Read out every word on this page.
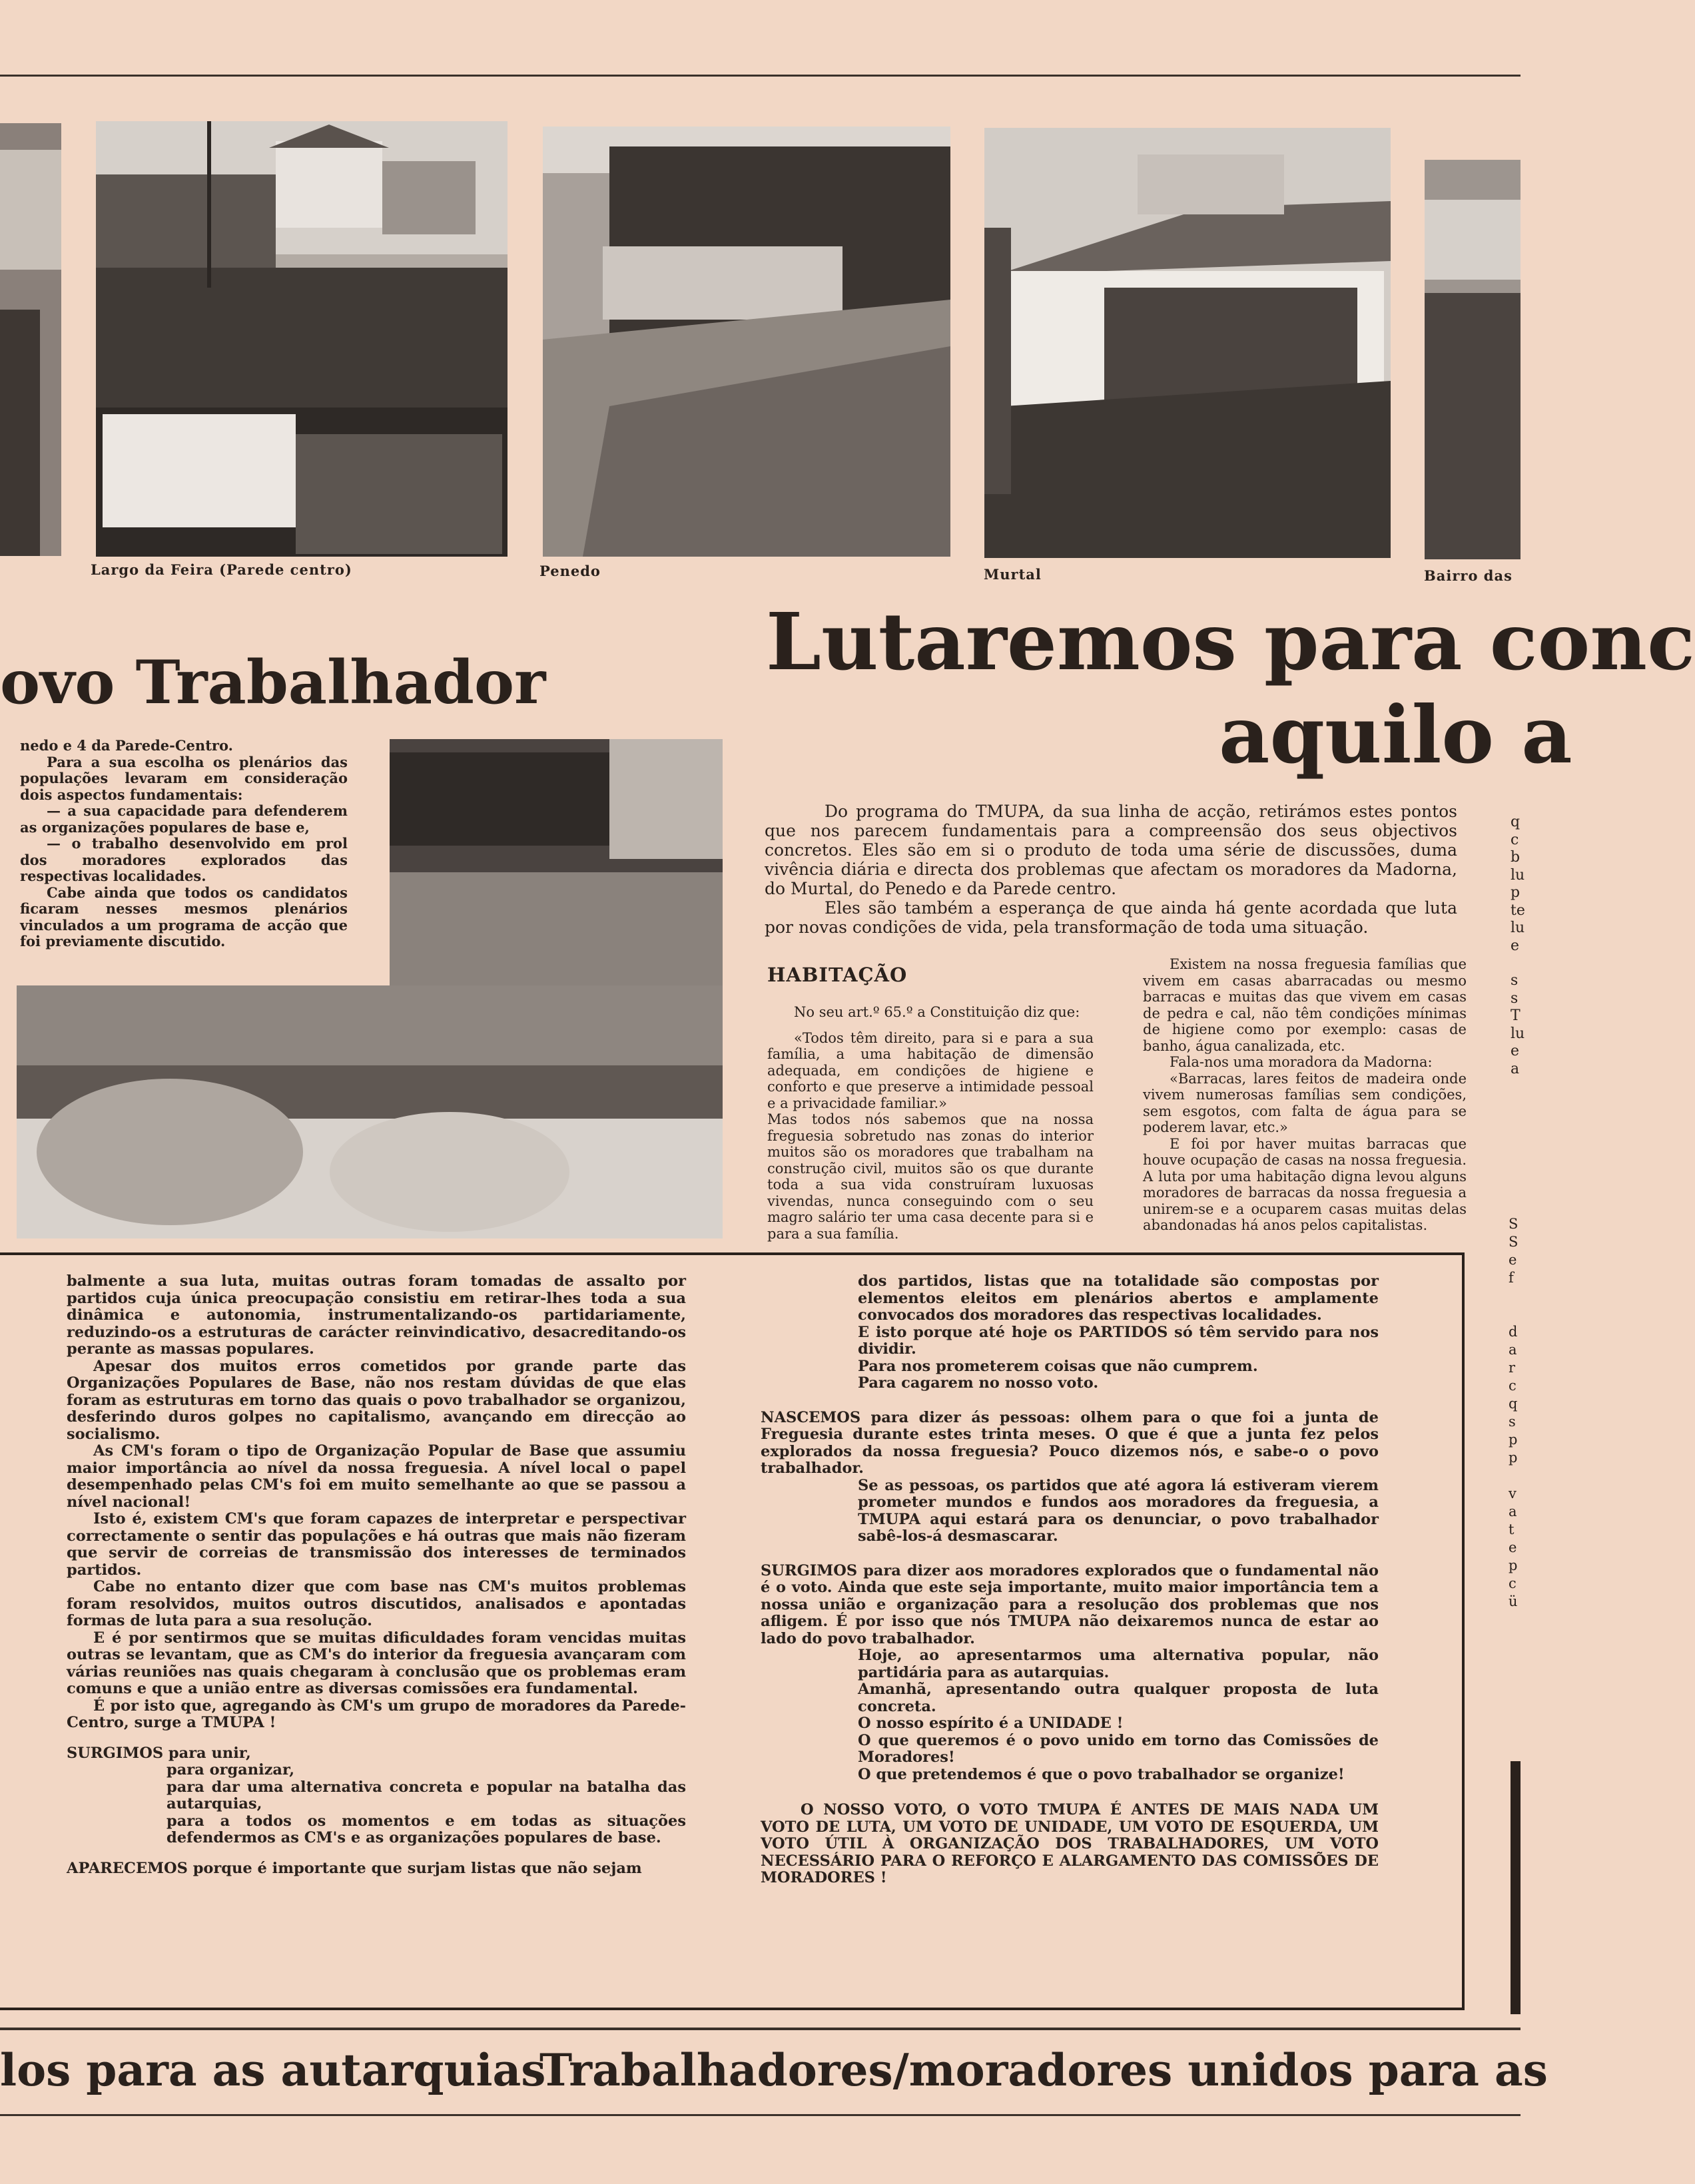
Largo da Feira (Parede centro)	Penedo	Murtal	Bairro das
ovo Trabalhador

nedo e 4 da Parede-Centro.

Para a sua escolha os plenários das populações levaram em consideração dois aspectos fundamentais:

— a sua capacidade para defenderem as organizações populares de base e,

— o trabalho desenvolvido em prol dos moradores explorados das respectivas localidades.

Cabe ainda que todos os candidatos ficaram nesses mesmos plenários vinculados a um programa de acção que foi previamente discutido.

Lutaremos para conc
aquilo a

Do programa do TMUPA, da sua linha de acção, retirámos estes pontos que nos parecem fundamentais para a compreensão dos seus objectivos concretos. Eles são em si o produto de toda uma série de discussões, duma vivência diária e directa dos problemas que afectam os moradores da Madorna, do Murtal, do Penedo e da Parede centro.

Eles são também a esperança de que ainda há gente acordada que luta por novas condições de vida, pela transformação de toda uma situação.

HABITAÇÃO

No seu art.º 65.º a Constituição diz que:

«Todos têm direito, para si e para a sua família, a uma habitação de dimensão adequada, em condições de higiene e conforto e que preserve a intimidade pessoal e a privacidade familiar.»

Mas todos nós sabemos que na nossa freguesia sobretudo nas zonas do interior muitos são os moradores que trabalham na construção civil, muitos são os que durante toda a sua vida construíram luxuosas vivendas, nunca conseguindo com o seu magro salário ter uma casa decente para si e para a sua família.

Existem na nossa freguesia famílias que vivem em casas abarracadas ou mesmo barracas e muitas das que vivem em casas de pedra e cal, não têm condições mínimas de higiene como por exemplo: casas de banho, água canalizada, etc.

Fala-nos uma moradora da Madorna:

«Barracas, lares feitos de madeira onde vivem numerosas famílias sem condições, sem esgotos, com falta de água para se poderem lavar, etc.»

E foi por haver muitas barracas que houve ocupação de casas na nossa freguesia. A luta por uma habitação digna levou alguns moradores de barracas da nossa freguesia a unirem-se e a ocuparem casas muitas delas abandonadas há anos pelos capitalistas.

q
c
b
lu
p
te
lu
e
s
s
T
lu
e
a

balmente a sua luta, muitas outras foram tomadas de assalto por partidos cuja única preocupação consistiu em retirar-lhes toda a sua dinâmica e autonomia, instrumentalizando-os partidariamente, reduzindo-os a estruturas de carácter reinvindicativo, desacreditando-os perante as massas populares.

Apesar dos muitos erros cometidos por grande parte das Organizações Populares de Base, não nos restam dúvidas de que elas foram as estruturas em torno das quais o povo trabalhador se organizou, desferindo duros golpes no capitalismo, avançando em direcção ao socialismo.

As CM's foram o tipo de Organização Popular de Base que assumiu maior importância ao nível da nossa freguesia. A nível local o papel desempenhado pelas CM's foi em muito semelhante ao que se passou a nível nacional!

Isto é, existem CM's que foram capazes de interpretar e perspectivar correctamente o sentir das populações e há outras que mais não fizeram que servir de correias de transmissão dos interesses de terminados partidos.

Cabe no entanto dizer que com base nas CM's muitos problemas foram resolvidos, muitos outros discutidos, analisados e apontadas formas de luta para a sua resolução.

E é por sentirmos que se muitas dificuldades foram vencidas muitas outras se levantam, que as CM's do interior da freguesia avançaram com várias reuniões nas quais chegaram à conclusão que os problemas eram comuns e que a união entre as diversas comissões era fundamental.

É por isto que, agregando às CM's um grupo de moradores da Parede-Centro, surge a TMUPA !

SURGIMOS para unir,

para organizar,
para dar uma alternativa concreta e popular na batalha das autarquias,
para a todos os momentos e em todas as situações defendermos as CM's e as organizações populares de base.

APARECEMOS porque é importante que surjam listas que não sejam

dos partidos, listas que na totalidade são compostas por elementos eleitos em plenários abertos e amplamente convocados dos moradores das respectivas localidades.

E isto porque até hoje os PARTIDOS só têm servido para nos dividir.

Para nos prometerem coisas que não cumprem.

Para cagarem no nosso voto.

NASCEMOS para dizer ás pessoas: olhem para o que foi a junta de Freguesia durante estes trinta meses. O que é que a junta fez pelos explorados da nossa freguesia? Pouco dizemos nós, e sabe-o o povo trabalhador.

Se as pessoas, os partidos que até agora lá estiveram vierem prometer mundos e fundos aos moradores da freguesia, a TMUPA aqui estará para os denunciar, o povo trabalhador sabê-los-á desmascarar.

SURGIMOS para dizer aos moradores explorados que o fundamental não é o voto. Ainda que este seja importante, muito maior importância tem a nossa união e organização para a resolução dos problemas que nos afligem. É por isso que nós TMUPA não deixaremos nunca de estar ao lado do povo trabalhador.

Hoje, ao apresentarmos uma alternativa popular, não partidária para as autarquias.

Amanhã, apresentando outra qualquer proposta de luta concreta.

O nosso espírito é a UNIDADE !

O que queremos é o povo unido em torno das Comissões de Moradores!

O que pretendemos é que o povo trabalhador se organize!

O NOSSO VOTO, O VOTO TMUPA É ANTES DE MAIS NADA UM VOTO DE LUTA, UM VOTO DE UNIDADE, UM VOTO DE ESQUERDA, UM VOTO ÚTIL À ORGANIZAÇÃO DOS TRABALHADORES, UM VOTO NECESSÁRIO PARA O REFORÇO E ALARGAMENTO DAS COMISSÕES DE MORADORES !

S
S
e
f
d
a
r
c
q
s
p
p
v
a
t
e
p
c
ü
los para as autarquias
Trabalhadores/moradores unidos para as
